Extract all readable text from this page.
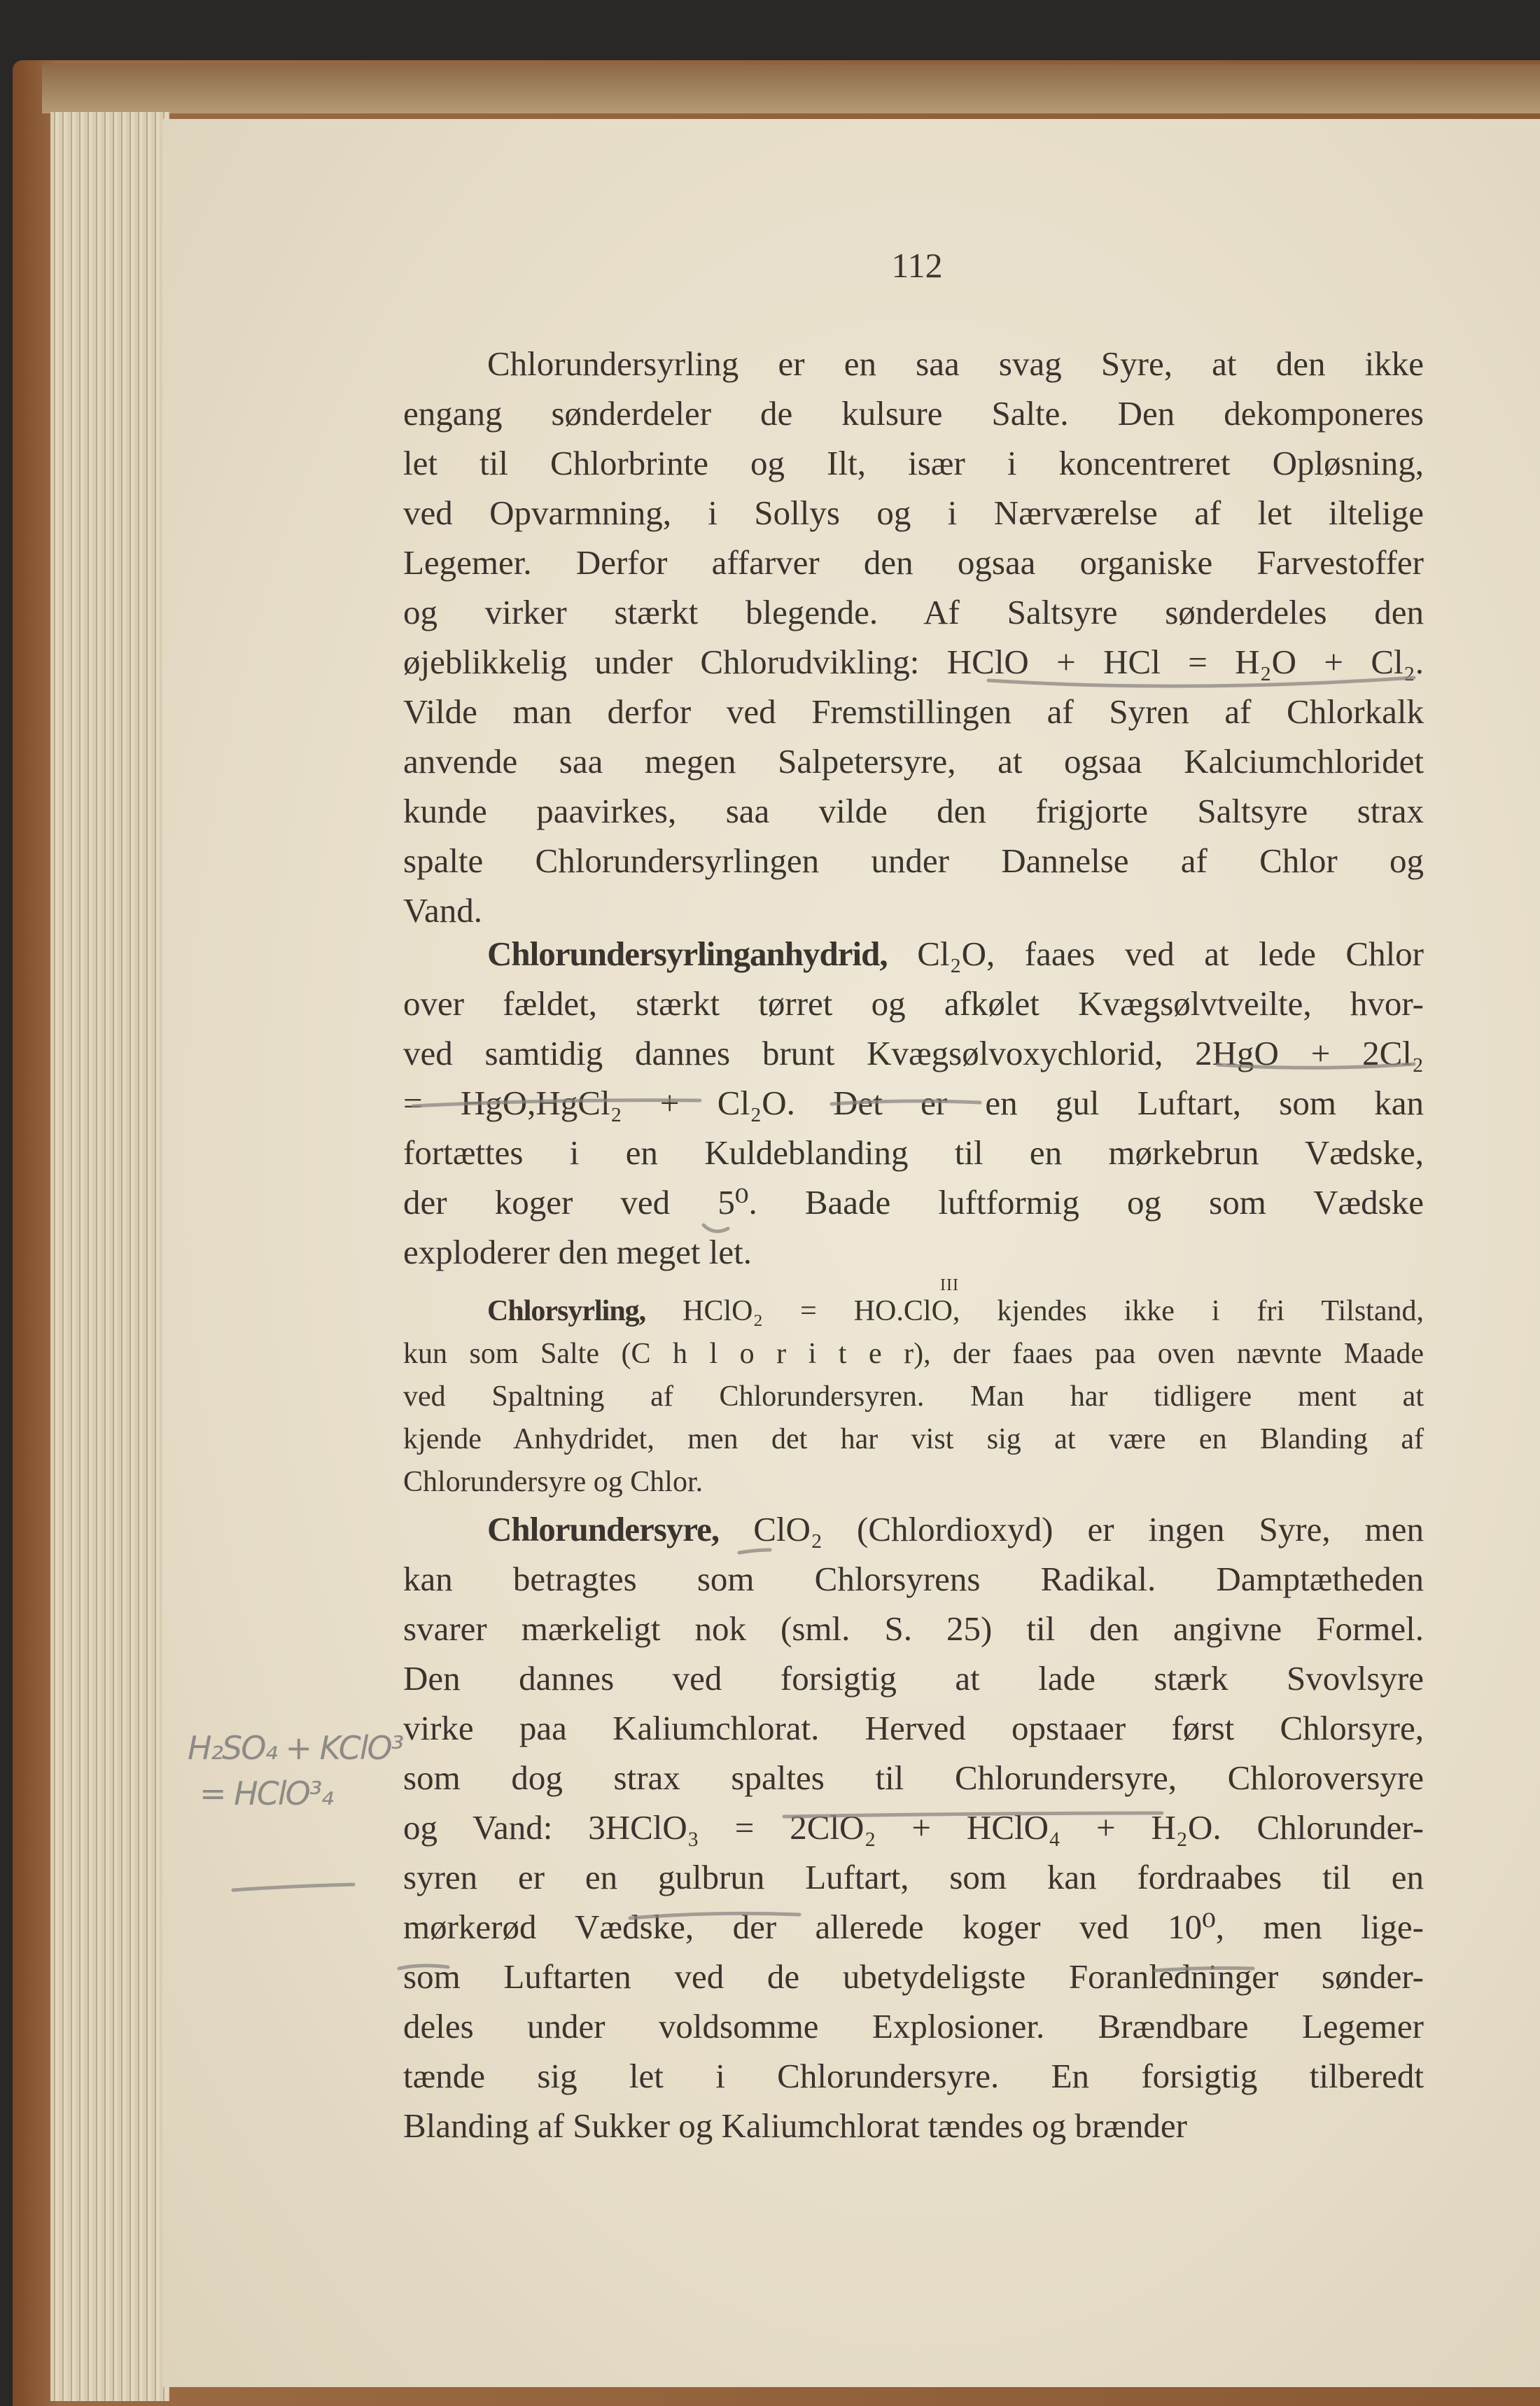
112
Chlorundersyrling er en saa svag Syre, at den ikke
engang sønderdeler de kulsure Salte. Den dekomponeres
let til Chlorbrinte og Ilt, især i koncentreret Opløsning,
ved Opvarmning, i Sollys og i Nærværelse af let iltelige
Legemer. Derfor affarver den ogsaa organiske Farvestoffer
og virker stærkt blegende. Af Saltsyre sønderdeles den
øjeblikkelig under Chlorudvikling: HClO + HCl = H₂O + Cl₂.
Vilde man derfor ved Fremstillingen af Syren af Chlorkalk
anvende saa megen Salpetersyre, at ogsaa Kalciumchloridet
kunde paavirkes, saa vilde den frigjorte Saltsyre strax
spalte Chlorundersyrlingen under Dannelse af Chlor og
Vand.
Chlorundersyrlinganhydrid, Cl₂O, faaes ved at lede Chlor
over fældet, stærkt tørret og afkølet Kvægsølvtveilte, hvor-
ved samtidig dannes brunt Kvægsølvoxychlorid, 2HgO + 2Cl₂
= HgO,HgCl₂ + Cl₂O. Det er en gul Luftart, som kan
fortættes i en Kuldeblanding til en mørkebrun Vædske,
der koger ved 5⁰. Baade luftformig og som Vædske
exploderer den meget let.
Chlorsyrling, HClO₂ = HO.ClO, kjendes ikke i fri Tilstand,
kun som Salte (C h l o r i t e r), der faaes paa oven nævnte Maade
ved Spaltning af Chlorundersyren. Man har tidligere ment at
kjende Anhydridet, men det har vist sig at være en Blanding af
Chlorundersyre og Chlor.
Chlorundersyre, ClO₂ (Chlordioxyd) er ingen Syre, men
kan betragtes som Chlorsyrens Radikal. Damptætheden
svarer mærkeligt nok (sml. S. 25) til den angivne Formel.
Den dannes ved forsigtig at lade stærk Svovlsyre
virke paa Kaliumchlorat. Herved opstaaer først Chlorsyre,
som dog strax spaltes til Chlorundersyre, Chloroversyre
og Vand: 3HClO₃ = 2ClO₂ + HClO₄ + H₂O. Chlorunder-
syren er en gulbrun Luftart, som kan fordraabes til en
mørkerød Vædske, der allerede koger ved 10⁰, men lige-
som Luftarten ved de ubetydeligste Foranledninger sønder-
deles under voldsomme Explosioner. Brændbare Legemer
tænde sig let i Chlorundersyre. En forsigtig tilberedt
Blanding af Sukker og Kaliumchlorat tændes og brænder
III
H₂SO₄ + KClO³
= HClO³₄
